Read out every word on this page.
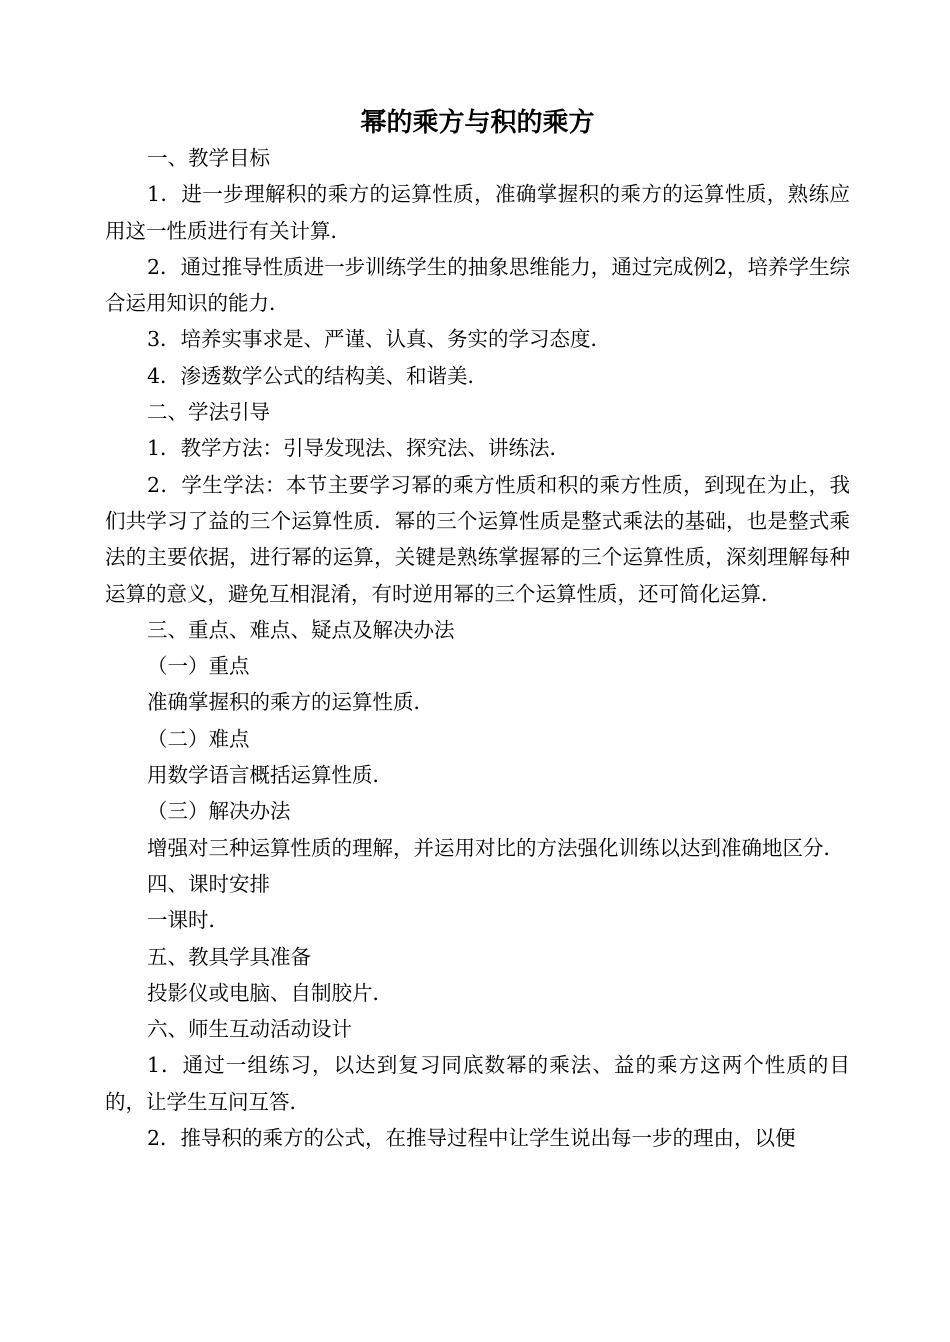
幂的乘方与积的乘方

一、教学目标

1．进一步理解积的乘方的运算性质，准确掌握积的乘方的运算性质，熟练应用这一性质进行有关计算．

2．通过推导性质进一步训练学生的抽象思维能力，通过完成例2，培养学生综合运用知识的能力．

3．培养实事求是、严谨、认真、务实的学习态度．

4．渗透数学公式的结构美、和谐美．

二、学法引导

1．教学方法：引导发现法、探究法、讲练法．

2．学生学法：本节主要学习幂的乘方性质和积的乘方性质，到现在为止，我们共学习了益的三个运算性质．幂的三个运算性质是整式乘法的基础，也是整式乘法的主要依据，进行幂的运算，关键是熟练掌握幂的三个运算性质，深刻理解每种运算的意义，避免互相混淆，有时逆用幂的三个运算性质，还可简化运算．

三、重点、难点、疑点及解决办法

（一）重点

准确掌握积的乘方的运算性质．

（二）难点

用数学语言概括运算性质．

（三）解决办法

增强对三种运算性质的理解，并运用对比的方法强化训练以达到准确地区分．

四、课时安排

一课时．

五、教具学具准备

投影仪或电脑、自制胶片．

六、师生互动活动设计

1．通过一组练习，以达到复习同底数幂的乘法、益的乘方这两个性质的目的，让学生互问互答．

2．推导积的乘方的公式，在推导过程中让学生说出每一步的理由，以便
